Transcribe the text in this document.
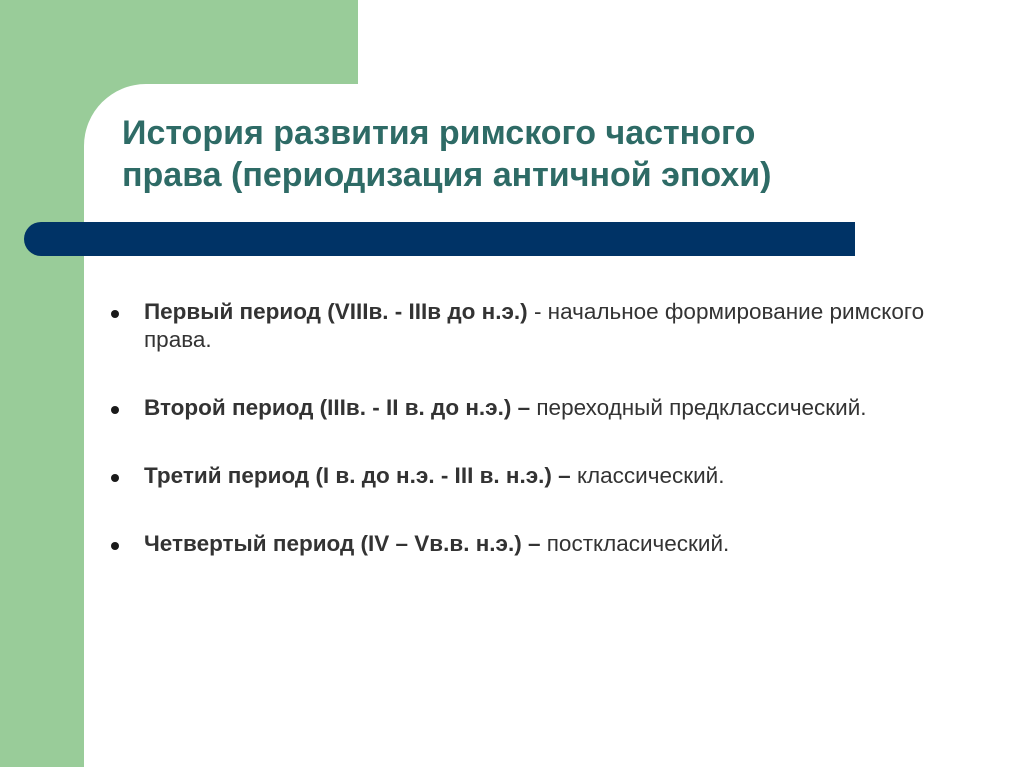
История развития римского частного
права (периодизация античной эпохи)
Первый период (VIIIв. - IIIв до н.э.) - начальное формирование римского права.
Второй период (IIIв. - II в. до н.э.) – переходный предклассический.
Третий период (I в. до н.э. - III в. н.э.) – классический.
Четвертый период (IV – Vв.в. н.э.) – посткласический.
